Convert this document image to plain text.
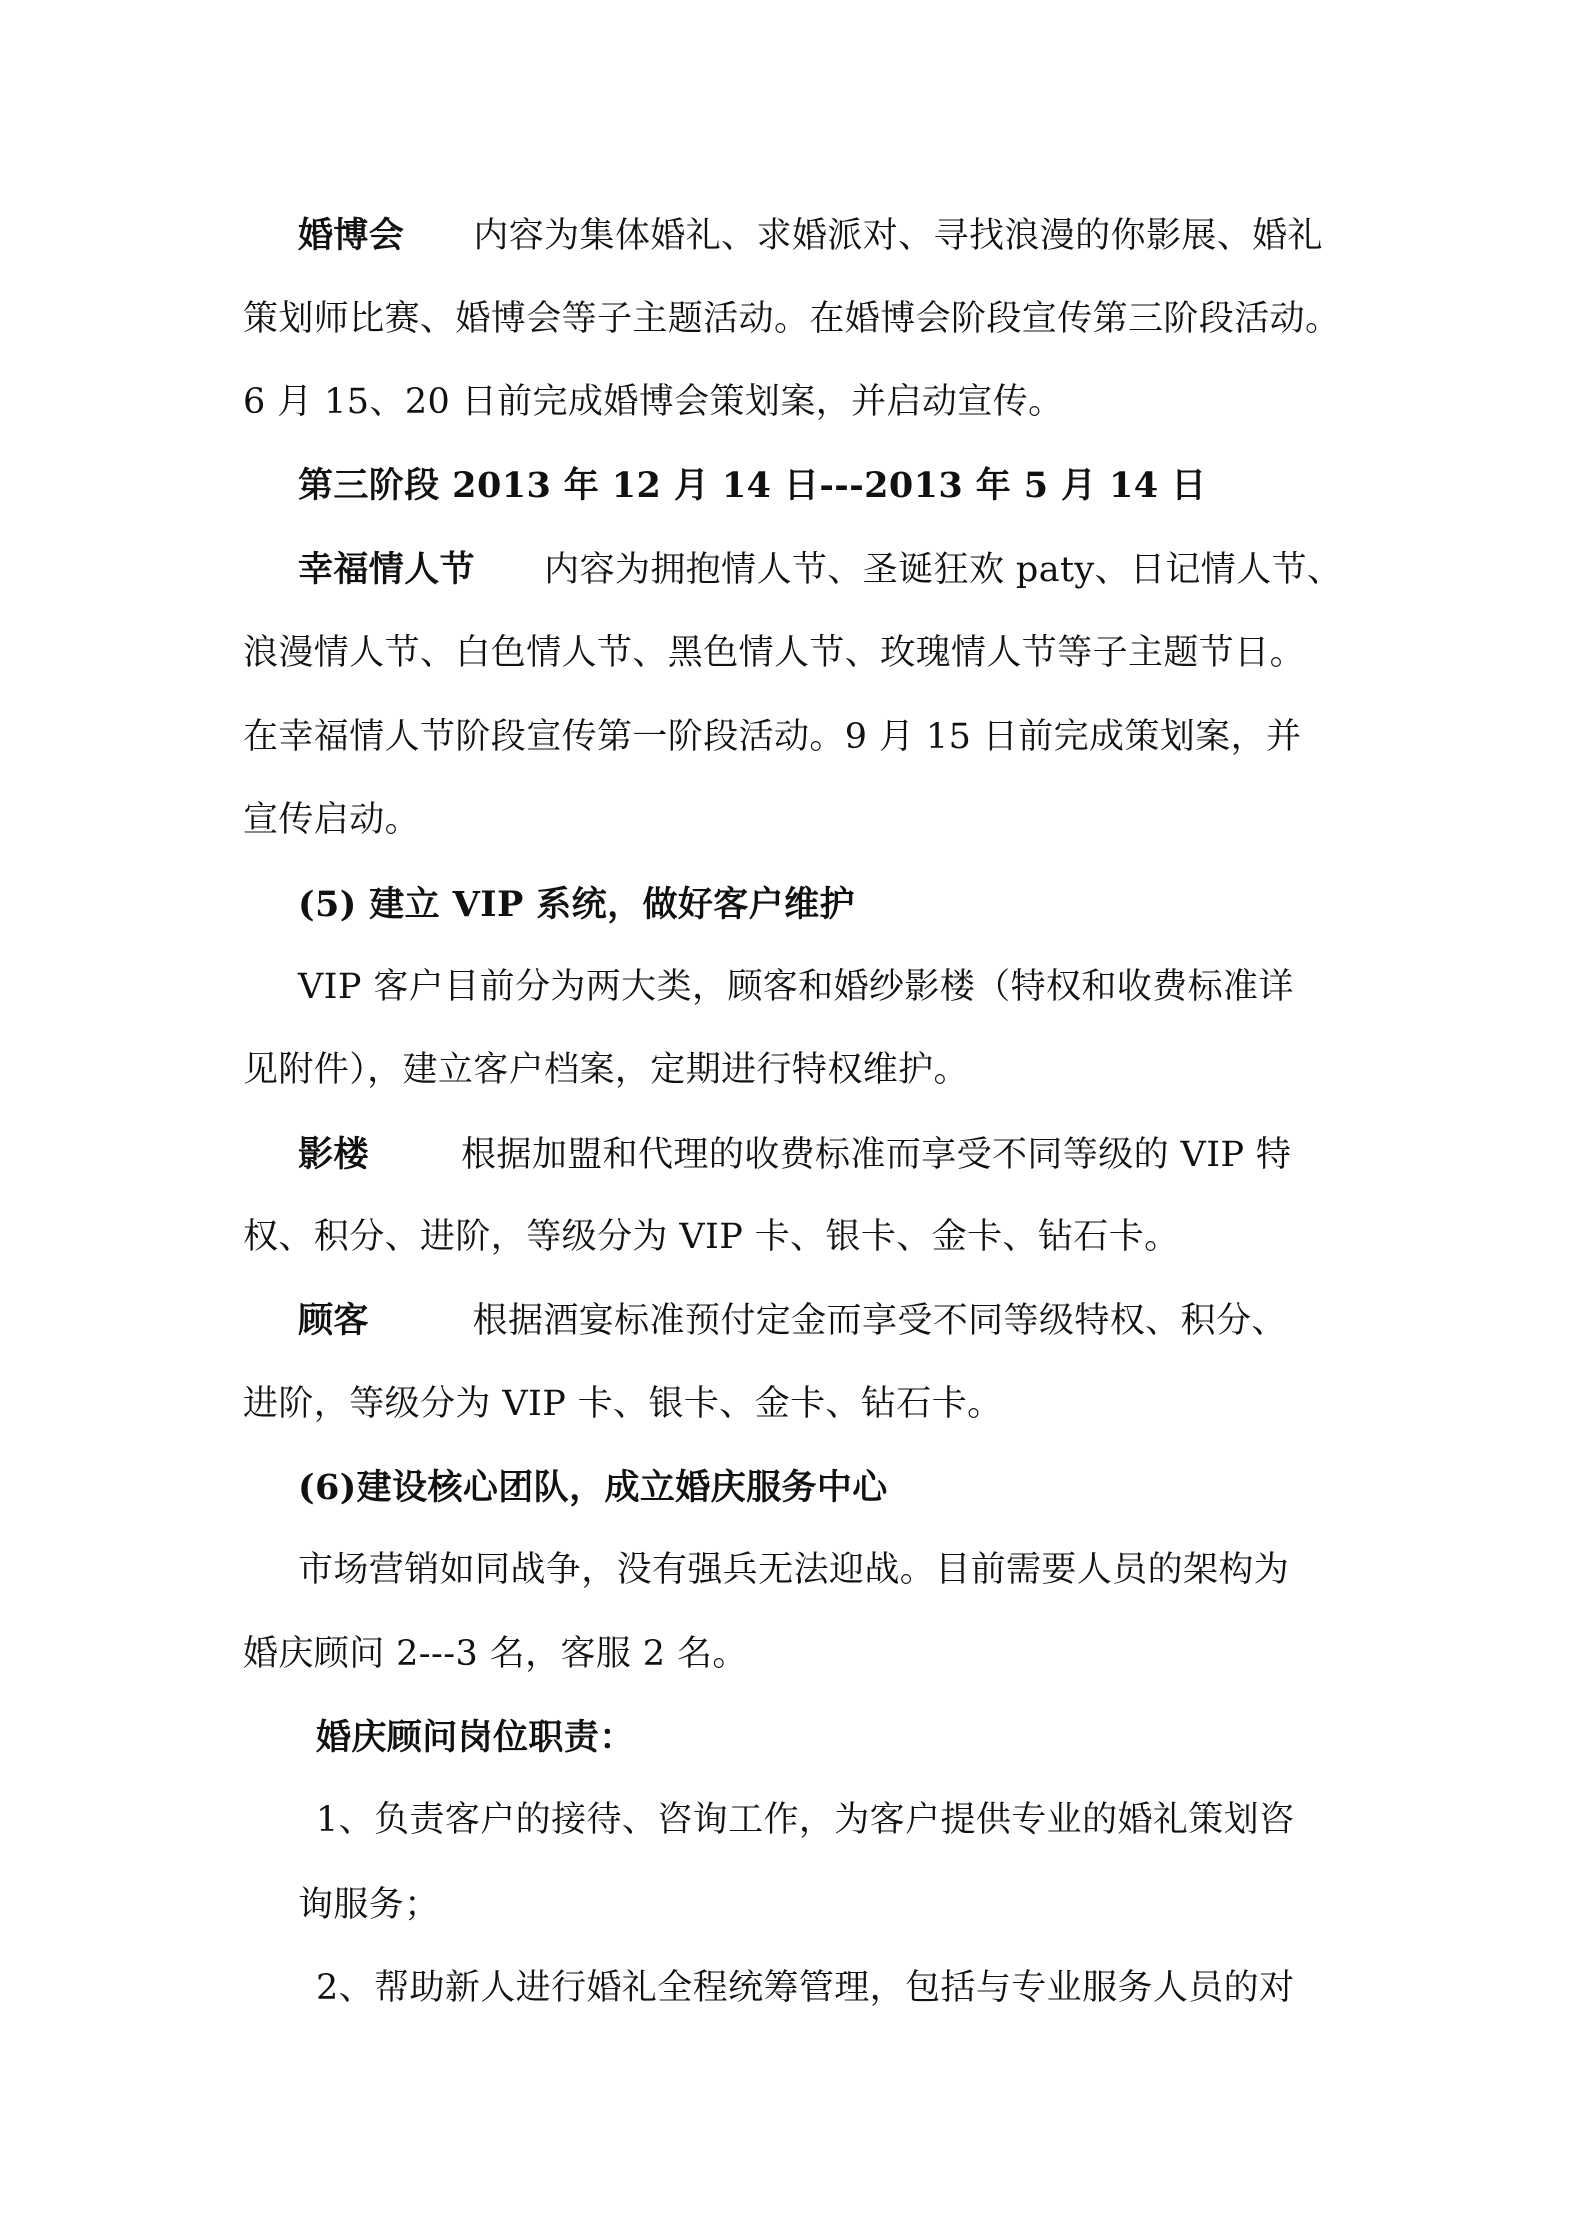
婚博会      内容为集体婚礼、求婚派对、寻找浪漫的你影展、婚礼
策划师比赛、婚博会等子主题活动。在婚博会阶段宣传第三阶段活动。
6 月 15、20 日前完成婚博会策划案，并启动宣传。
第三阶段 2013 年 12 月 14 日---2013 年 5 月 14 日
幸福情人节      内容为拥抱情人节、圣诞狂欢 paty、日记情人节、
浪漫情人节、白色情人节、黑色情人节、玫瑰情人节等子主题节日。
在幸福情人节阶段宣传第一阶段活动。9 月 15 日前完成策划案，并
宣传启动。
(5) 建立 VIP 系统，做好客户维护
VIP 客户目前分为两大类，顾客和婚纱影楼（特权和收费标准详
见附件），建立客户档案，定期进行特权维护。
影楼        根据加盟和代理的收费标准而享受不同等级的 VIP 特
权、积分、进阶，等级分为 VIP 卡、银卡、金卡、钻石卡。
顾客         根据酒宴标准预付定金而享受不同等级特权、积分、
进阶，等级分为 VIP 卡、银卡、金卡、钻石卡。
(6)建设核心团队，成立婚庆服务中心
市场营销如同战争，没有强兵无法迎战。目前需要人员的架构为
婚庆顾问 2---3 名，客服 2 名。
婚庆顾问岗位职责：
1、负责客户的接待、咨询工作，为客户提供专业的婚礼策划咨
询服务；
2、帮助新人进行婚礼全程统筹管理，包括与专业服务人员的对
